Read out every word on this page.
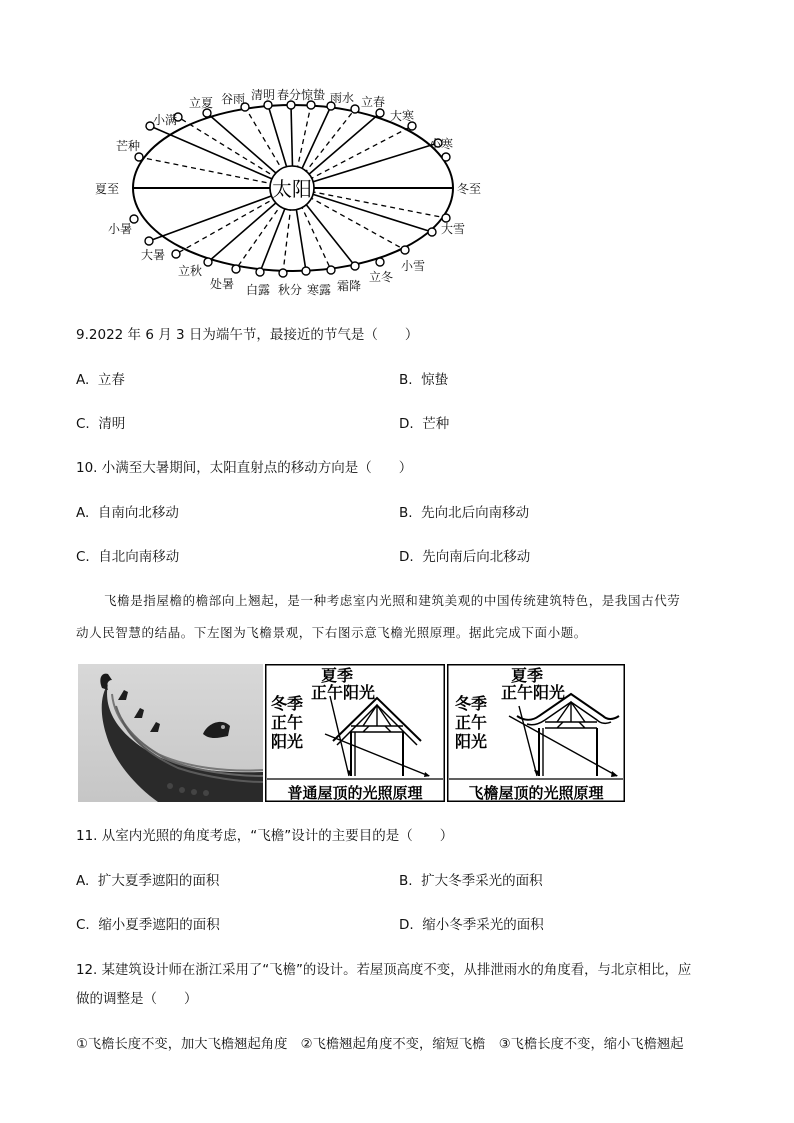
太阳
立夏 谷雨 清明 春分 惊蛰 雨水 立春
大寒
小寒
小满
芒种
夏至
小暑
大暑
立秋
处暑 白露 秋分 寒露 霜降
立冬
小雪
冬至
大雪
9.2022 年 6 月 3 日为端午节，最接近的节气是（　　）
A. 立春	B. 惊蛰
C. 清明	D. 芒种
10. 小满至大暑期间，太阳直射点的移动方向是（　　）
A. 自南向北移动	B. 先向北后向南移动
C. 自北向南移动	D. 先向南后向北移动
飞檐是指屋檐的檐部向上翘起，是一种考虑室内光照和建筑美观的中国传统建筑特色，是我国古代劳
动人民智慧的结晶。下左图为飞檐景观，下右图示意飞檐光照原理。据此完成下面小题。
夏季
正午阳光
冬季
正午
阳光
普通屋顶的光照原理
夏季
正午阳光
冬季
正午
阳光
飞檐屋顶的光照原理
11. 从室内光照的角度考虑，“飞檐”设计的主要目的是（　　）
A. 扩大夏季遮阳的面积	B. 扩大冬季采光的面积
C. 缩小夏季遮阳的面积	D. 缩小冬季采光的面积
12. 某建筑设计师在浙江采用了“飞檐”的设计。若屋顶高度不变，从排泄雨水的角度看，与北京相比，应
做的调整是（　　）
①飞檐长度不变，加大飞檐翘起角度　②飞檐翘起角度不变，缩短飞檐　③飞檐长度不变，缩小飞檐翘起
